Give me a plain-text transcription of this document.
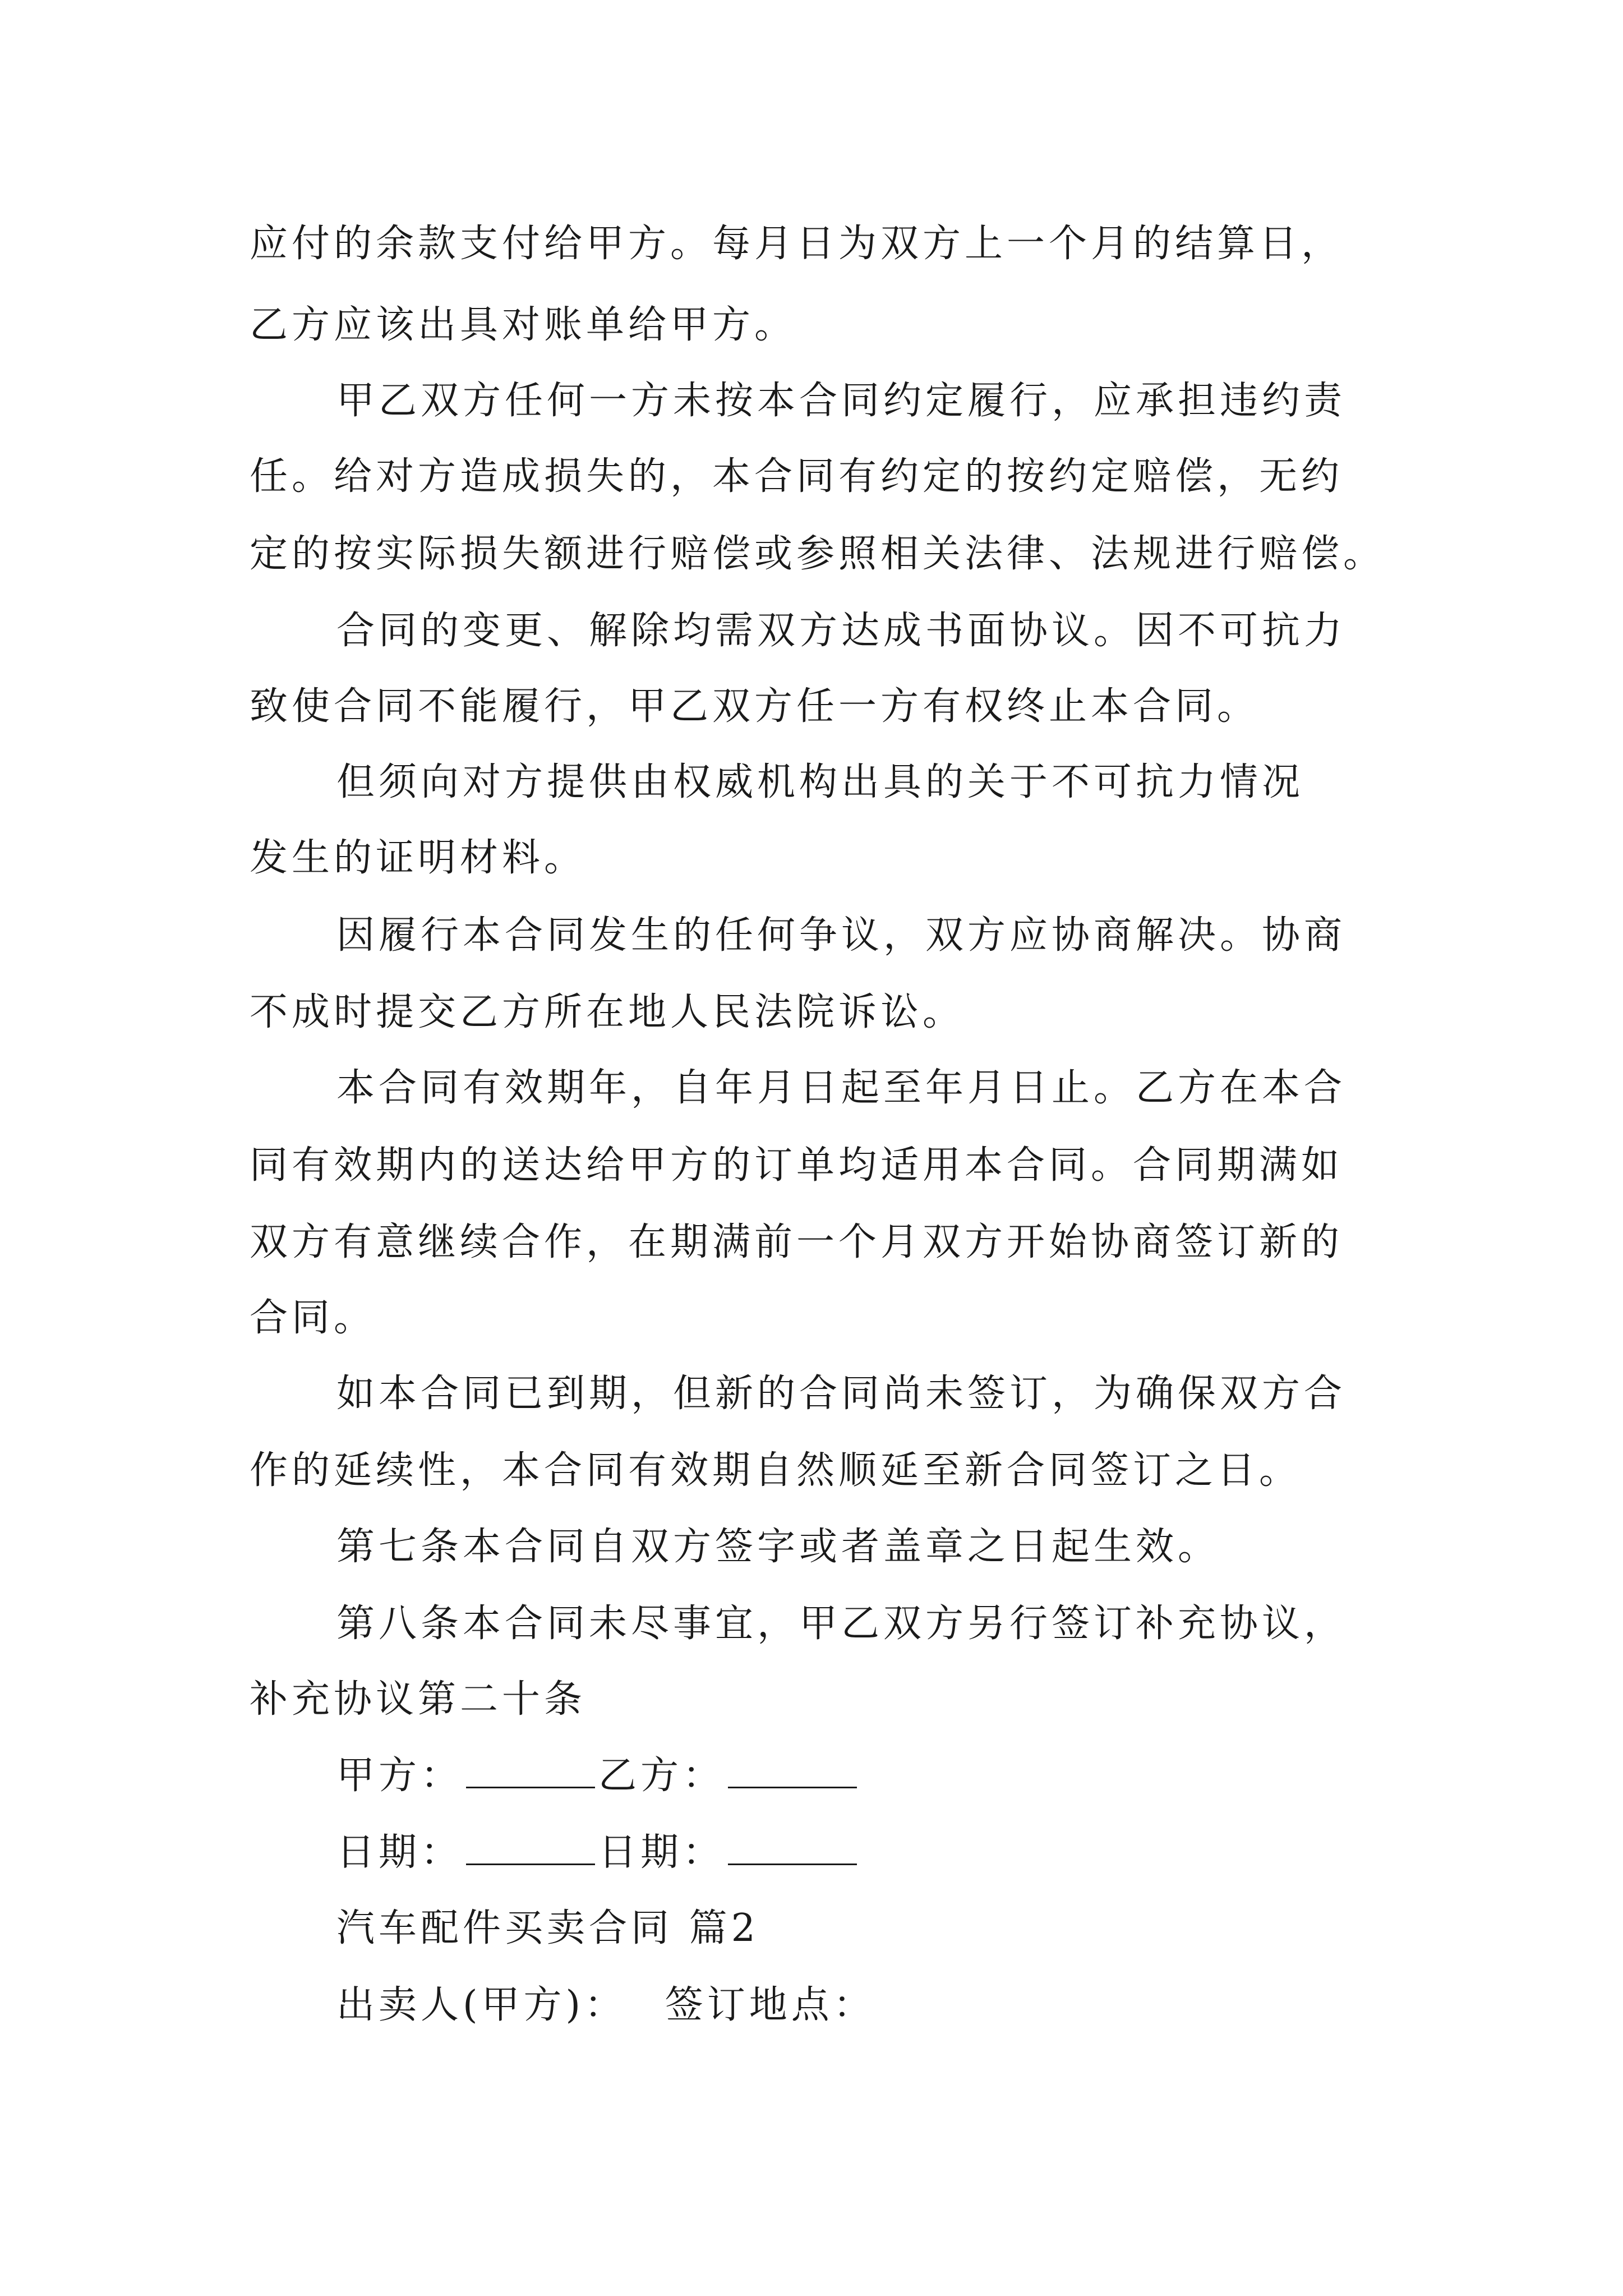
应付的余款支付给甲方。每月日为双方上一个月的结算日，
乙方应该出具对账单给甲方。
甲乙双方任何一方未按本合同约定履行，应承担违约责
任。给对方造成损失的，本合同有约定的按约定赔偿，无约
定的按实际损失额进行赔偿或参照相关法律、法规进行赔偿。
合同的变更、解除均需双方达成书面协议。因不可抗力
致使合同不能履行，甲乙双方任一方有权终止本合同。
但须向对方提供由权威机构出具的关于不可抗力情况
发生的证明材料。
因履行本合同发生的任何争议，双方应协商解决。协商
不成时提交乙方所在地人民法院诉讼。
本合同有效期年，自年月日起至年月日止。乙方在本合
同有效期内的送达给甲方的订单均适用本合同。合同期满如
双方有意继续合作，在期满前一个月双方开始协商签订新的
合同。
如本合同已到期，但新的合同尚未签订，为确保双方合
作的延续性，本合同有效期自然顺延至新合同签订之日。
第七条本合同自双方签字或者盖章之日起生效。
第八条本合同未尽事宜，甲乙双方另行签订补充协议，
补充协议第二十条
甲方：	乙方：
日期：	日期：
汽车配件买卖合同 篇2
出卖人(甲方)： 签订地点：
